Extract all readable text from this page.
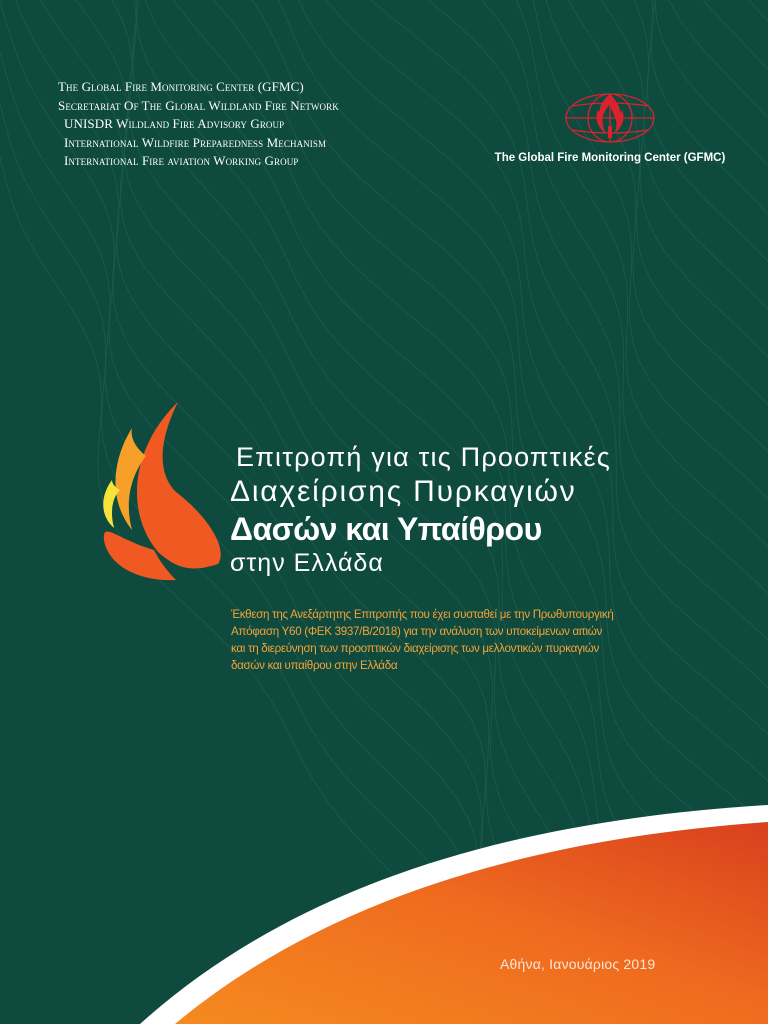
The Global Fire Monitoring Center (GFMC)
Secretariat Of The Global Wildland Fire Network
UNISDR Wildland Fire Advisory Group
International Wildfire Preparedness Mechanism
International Fire aviation Working Group	The Global Fire Monitoring Center (GFMC)
Επιτροπή για τις Προοπτικές
Διαχείρισης Πυρκαγιών
Δασών και Υπαίθρου
στην Ελλάδα
Έκθεση της Ανεξάρτητης Επιτροπής που έχει συσταθεί με την Πρωθυπουργική
Απόφαση Υ60 (ΦΕΚ 3937/Β/2018) για την ανάλυση των υποκείμενων αιτιών
και τη διερεύνηση των προοπτικών διαχείρισης των μελλοντικών πυρκαγιών
δασών και υπαίθρου στην Ελλάδα
Αθήνα, Ιανουάριος 2019
